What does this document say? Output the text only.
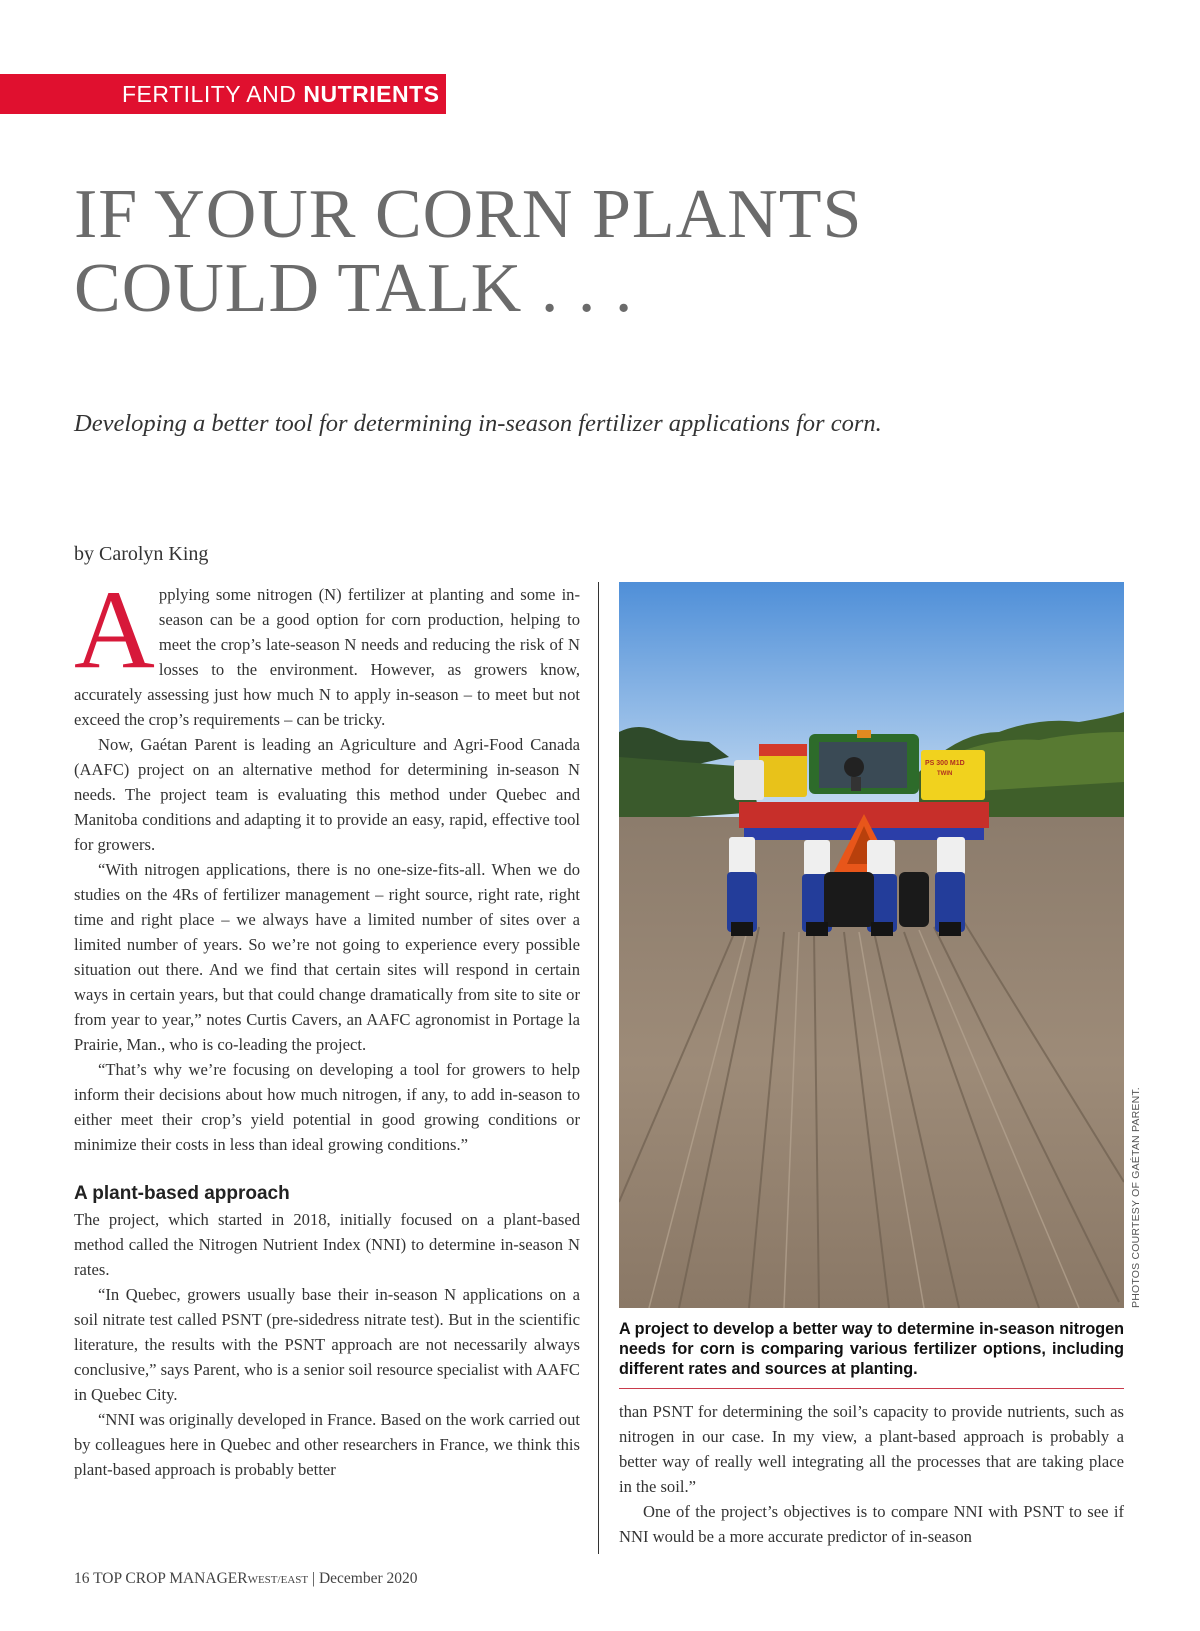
FERTILITY AND NUTRIENTS
IF YOUR CORN PLANTS
COULD TALK . . .

Developing a better tool for determining in-season fertilizer applications for corn.

by Carolyn King

Applying some nitrogen (N) fertilizer at planting and some in-season can be a good option for corn production, helping to meet the crop’s late-season N needs and reducing the risk of N losses to the environment. However, as growers know, accurately assessing just how much N to apply in-season – to meet but not exceed the crop’s requirements – can be tricky.

Now, Gaétan Parent is leading an Agriculture and Agri-Food Canada (AAFC) project on an alternative method for determining in-season N needs. The project team is evaluating this method under Quebec and Manitoba conditions and adapting it to provide an easy, rapid, effective tool for growers.

“With nitrogen applications, there is no one-size-fits-all. When we do studies on the 4Rs of fertilizer management – right source, right rate, right time and right place – we always have a limited number of sites over a limited number of years. So we’re not going to experience every possible situation out there. And we find that certain sites will respond in certain ways in certain years, but that could change dramatically from site to site or from year to year,” notes Curtis Cavers, an AAFC agronomist in Portage la Prairie, Man., who is co-leading the project.

“That’s why we’re focusing on developing a tool for growers to help inform their decisions about how much nitrogen, if any, to add in-season to either meet their crop’s yield potential in good growing conditions or minimize their costs in less than ideal growing conditions.”

A plant-based approach

The project, which started in 2018, initially focused on a plant-based method called the Nitrogen Nutrient Index (NNI) to determine in-season N rates.

“In Quebec, growers usually base their in-season N applications on a soil nitrate test called PSNT (pre-sidedress nitrate test). But in the scientific literature, the results with the PSNT approach are not necessarily always conclusive,” says Parent, who is a senior soil resource specialist with AAFC in Quebec City.

“NNI was originally developed in France. Based on the work carried out by colleagues here in Quebec and other researchers in France, we think this plant-based approach is probably better

PS 300 M1D
TWIN
PHOTOS COURTESY OF GAÉTAN PARENT.

A project to develop a better way to determine in-season nitrogen needs for corn is comparing various fertilizer options, including different rates and sources at planting.

than PSNT for determining the soil’s capacity to provide nutrients, such as nitrogen in our case. In my view, a plant-based approach is probably a better way of really well integrating all the processes that are taking place in the soil.”

One of the project’s objectives is to compare NNI with PSNT to see if NNI would be a more accurate predictor of in-season

16 TOP CROP MANAGERWEST/EAST | December 2020
